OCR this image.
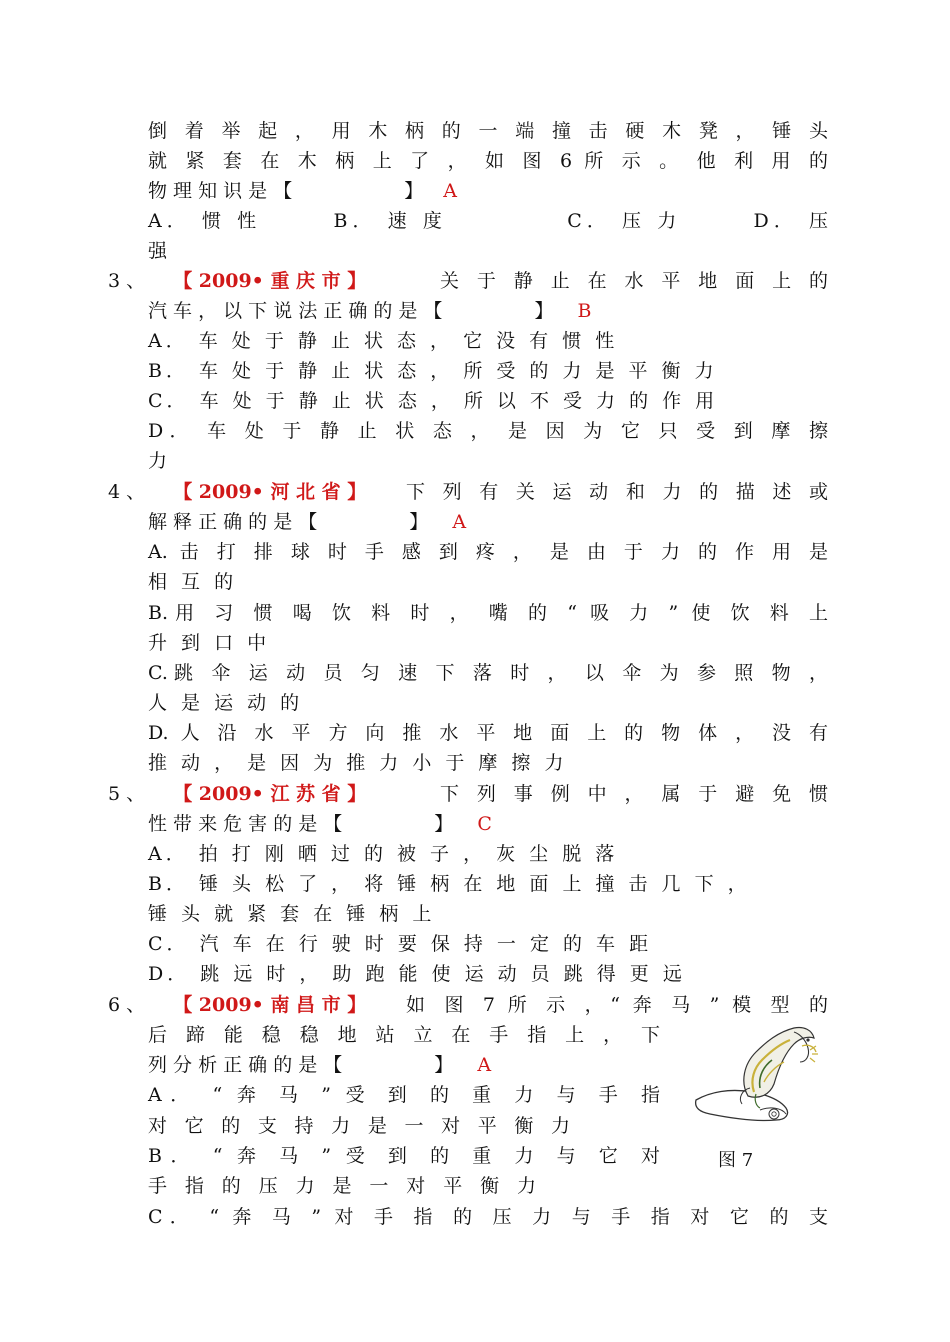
倒 着 举 起 ， 用 木 柄 的 一 端 撞 击 硬 木 凳 ， 锤 头
就 紧 套 在 木 柄 上 了 ， 如 图 6 所 示 。 他 利 用 的
物 理 知 识 是 【	】 A
A． 惯 性　　　B． 速 度　　　　　C． 压 力　　　D． 压
强
3 、 【 2009• 重 庆 市 】	关 于 静 止 在 水 平 地 面 上 的
汽 车 ， 以 下 说 法 正 确 的 是 【	】 B
A． 车 处 于 静 止 状 态 ， 它 没 有 惯 性
B． 车 处 于 静 止 状 态 ， 所 受 的 力 是 平 衡 力
C． 车 处 于 静 止 状 态 ， 所 以 不 受 力 的 作 用
D． 车 处 于 静 止 状 态 ， 是 因 为 它 只 受 到 摩 擦
力
4 、 【 2009• 河 北 省 】 下 列 有 关 运 动 和 力 的 描 述 或
解 释 正 确 的 是 【	】 A
A. 击 打 排 球 时 手 感 到 疼 ， 是 由 于 力 的 作 用 是
相 互 的
B.用 习 惯 喝 饮 料 时 ， 嘴 的 “ 吸 力 ” 使 饮 料 上
升 到 口 中
C.跳 伞 运 动 员 匀 速 下 落 时 ， 以 伞 为 参 照 物 ，
人 是 运 动 的
D. 人 沿 水 平 方 向 推 水 平 地 面 上 的 物 体 ， 没 有
推 动 ， 是 因 为 推 力 小 于 摩 擦 力
5 、 【 2009• 江 苏 省 】	下 列 事 例 中 ， 属 于 避 免 惯
性 带 来 危 害 的 是 【	】 C
A． 拍 打 刚 晒 过 的 被 子 ， 灰 尘 脱 落
B． 锤 头 松 了 ， 将 锤 柄 在 地 面 上 撞 击 几 下 ，
锤 头 就 紧 套 在 锤 柄 上
C． 汽 车 在 行 驶 时 要 保 持 一 定 的 车 距
D． 跳 远 时 ， 助 跑 能 使 运 动 员 跳 得 更 远
6 、 【 2009• 南 昌 市 】 如 图 7 所 示 ，“ 奔 马 ” 模 型 的
后 蹄 能 稳 稳 地 站 立 在 手 指 上 ， 下
列 分 析 正 确 的 是 【	】 A
A． “ 奔 马 ” 受 到 的 重 力 与 手 指
对 它 的 支 持 力 是 一 对 平 衡 力
B． “ 奔 马 ” 受 到 的 重 力 与 它 对
手 指 的 压 力 是 一 对 平 衡 力
C． “ 奔 马 ” 对 手 指 的 压 力 与 手 指 对 它 的 支
图 7
